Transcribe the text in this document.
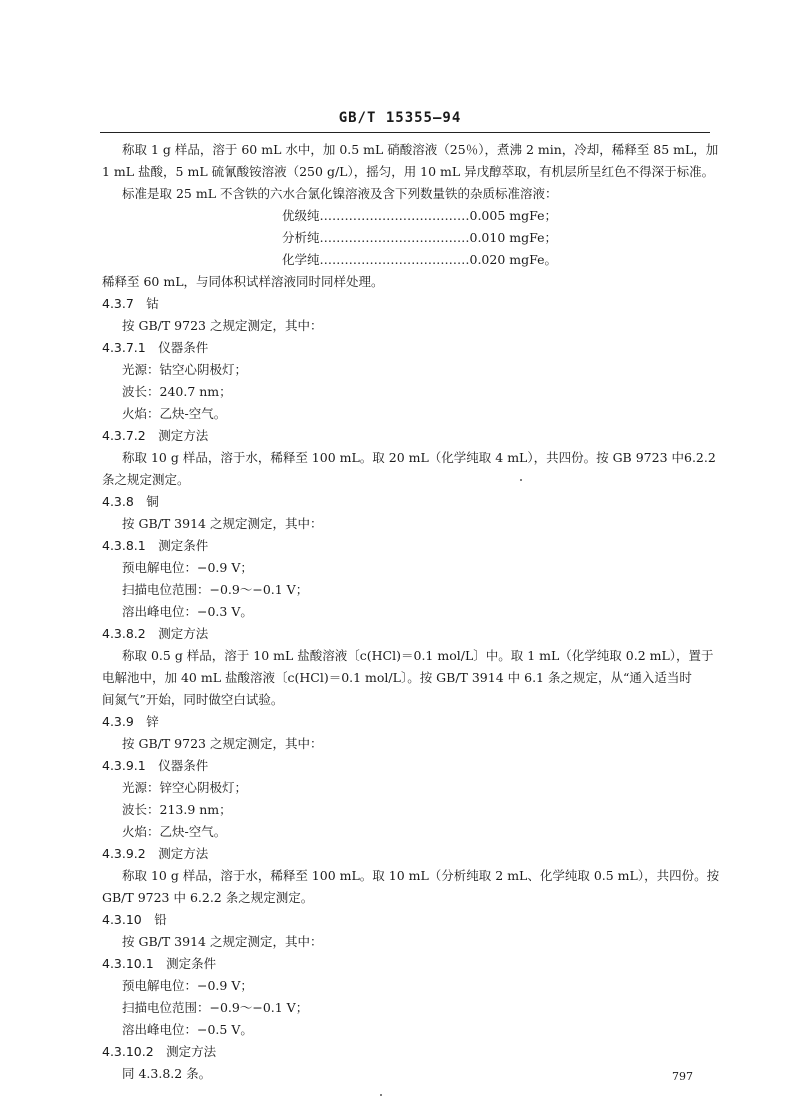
GB/T 15355—94
称取 1 g 样品，溶于 60 mL 水中，加 0.5 mL 硝酸溶液（25％），煮沸 2 min，冷却，稀释至 85 mL，加
1 mL 盐酸，5 mL 硫氰酸铵溶液（250 g/L），摇匀，用 10 mL 异戊醇萃取，有机层所呈红色不得深于标准。
标准是取 25 mL 不含铁的六水合氯化镍溶液及含下列数量铁的杂质标准溶液：
优级纯………………………………0.005 mgFe；
分析纯………………………………0.010 mgFe；
化学纯………………………………0.020 mgFe。
稀释至 60 mL，与同体积试样溶液同时同样处理。
4.3.7　钴
按 GB/T 9723 之规定测定，其中：
4.3.7.1　仪器条件
光源：钴空心阴极灯；
波长：240.7 nm；
火焰：乙炔-空气。
4.3.7.2　测定方法
称取 10 g 样品，溶于水，稀释至 100 mL。取 20 mL（化学纯取 4 mL），共四份。按 GB 9723 中6.2.2
条之规定测定。
4.3.8　铜
按 GB/T 3914 之规定测定，其中：
4.3.8.1　测定条件
预电解电位：−0.9 V；
扫描电位范围：−0.9～−0.1 V；
溶出峰电位：−0.3 V。
4.3.8.2　测定方法
称取 0.5 g 样品，溶于 10 mL 盐酸溶液〔c(HCl)＝0.1 mol/L〕中。取 1 mL（化学纯取 0.2 mL），置于
电解池中，加 40 mL 盐酸溶液〔c(HCl)＝0.1 mol/L〕。按 GB/T 3914 中 6.1 条之规定，从“通入适当时
间氮气”开始，同时做空白试验。
4.3.9　锌
按 GB/T 9723 之规定测定，其中：
4.3.9.1　仪器条件
光源：锌空心阴极灯；
波长：213.9 nm；
火焰：乙炔-空气。
4.3.9.2　测定方法
称取 10 g 样品，溶于水，稀释至 100 mL。取 10 mL（分析纯取 2 mL、化学纯取 0.5 mL），共四份。按
GB/T 9723 中 6.2.2 条之规定测定。
4.3.10　铅
按 GB/T 3914 之规定测定，其中：
4.3.10.1　测定条件
预电解电位：−0.9 V；
扫描电位范围：−0.9～−0.1 V；
溶出峰电位：−0.5 V。
4.3.10.2　测定方法
同 4.3.8.2 条。	797
